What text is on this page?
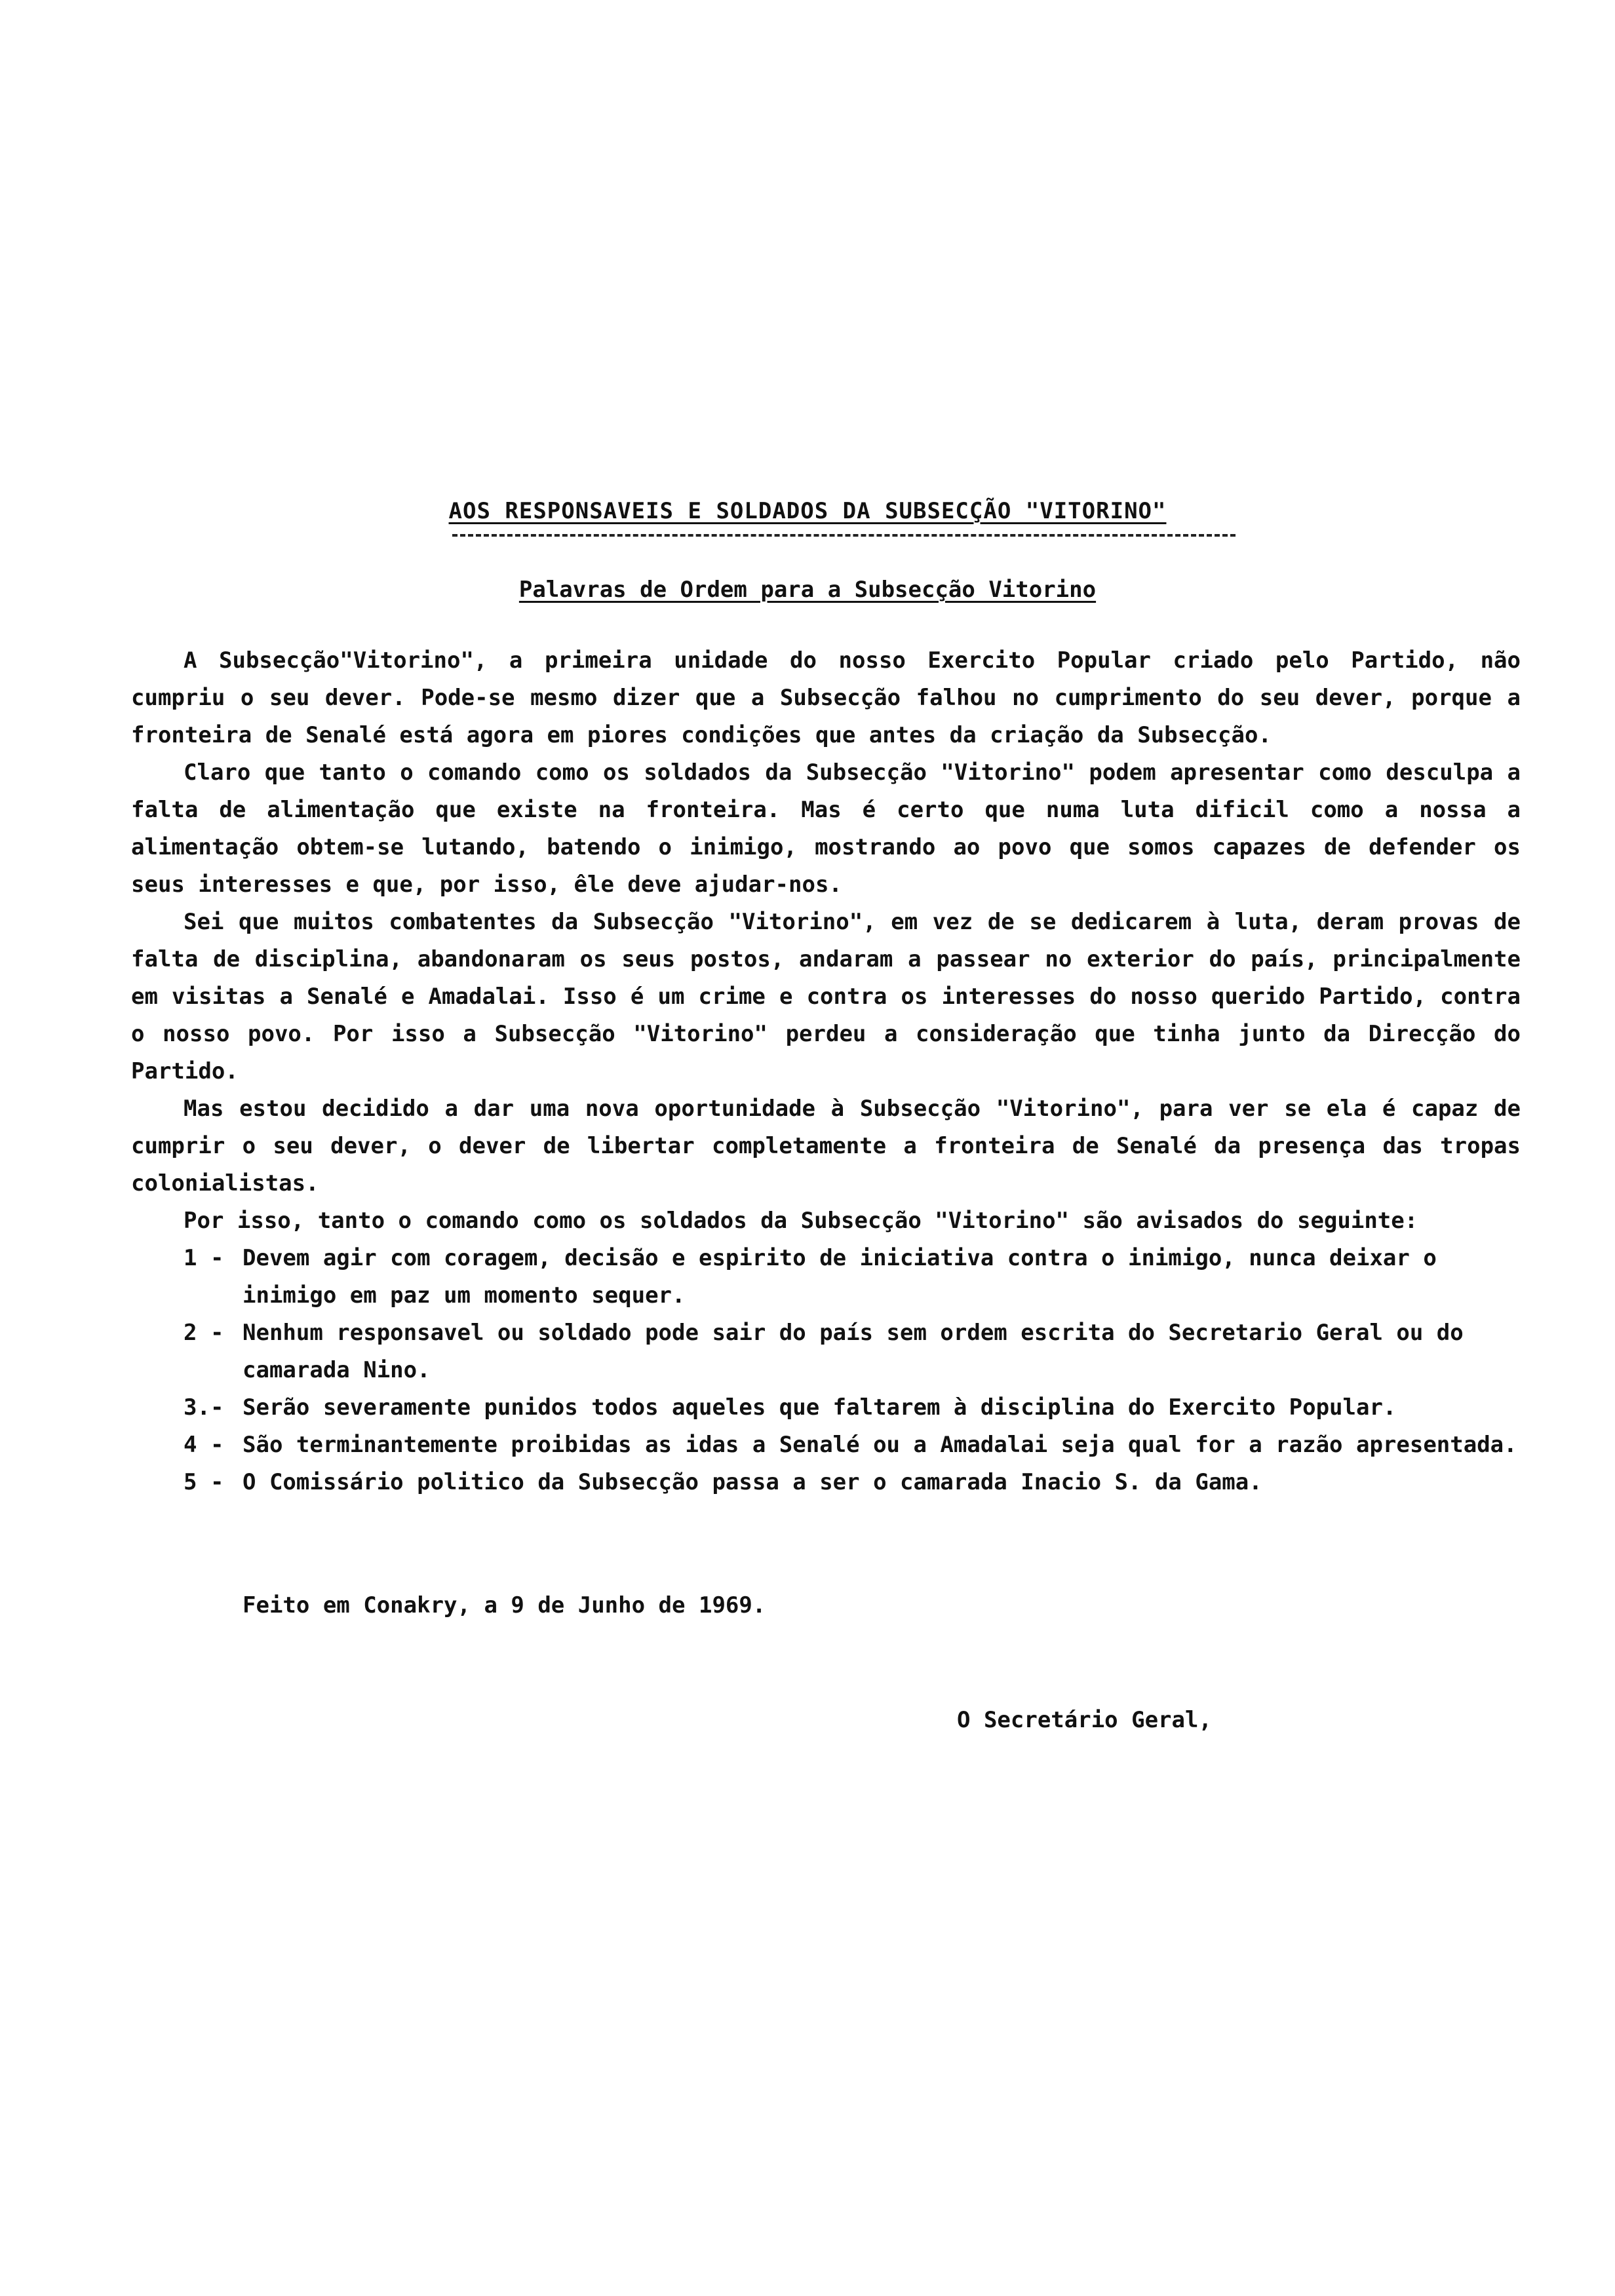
AOS RESPONSAVEIS E SOLDADOS DA SUBSECÇÃO "VITORINO"
Palavras de Ordem para a Subsecção Vitorino

A Subsecção"Vitorino", a primeira unidade do nosso Exercito Popular criado pelo Partido, não cumpriu o seu dever. Pode-se mesmo dizer que a Subsecção falhou no cumprimento do seu dever, porque a fronteira de Senalé está agora em piores condições que antes da criação da Subsecção.

Claro que tanto o comando como os soldados da Subsecção "Vitorino" podem apresentar como desculpa a falta de alimentação que existe na fronteira. Mas é certo que numa luta dificil como a nossa a alimentação obtem-se lutando, batendo o inimigo, mostrando ao povo que somos capazes de defender os seus interesses e que, por isso, êle deve ajudar-nos.

Sei que muitos combatentes da Subsecção "Vitorino", em vez de se dedicarem à luta, deram provas de falta de disciplina, abandonaram os seus postos, andaram a passear no exterior do país, principalmente em visitas a Senalé e Amadalai. Isso é um crime e contra os interesses do nosso querido Partido, contra o nosso povo. Por isso a Subsecção "Vitorino" perdeu a consideração que tinha junto da Direcção do Partido.

Mas estou decidido a dar uma nova oportunidade à Subsecção "Vitorino", para ver se ela é capaz de cumprir o seu dever, o dever de libertar completamente a fronteira de Senalé da presença das tropas colonialistas.

Por isso, tanto o comando como os soldados da Subsecção "Vitorino" são avisados do seguinte:

1 - Devem agir com coragem, decisão e espirito de iniciativa contra o inimigo, nunca deixar o inimigo em paz um momento sequer.
2 - Nenhum responsavel ou soldado pode sair do país sem ordem escrita do Secretario Geral ou do camarada Nino.
3.- Serão severamente punidos todos aqueles que faltarem à disciplina do Exercito Popular.
4 - São terminantemente proibidas as idas a Senalé ou a Amadalai seja qual for a razão apresentada.
5 - O Comissário politico da Subsecção passa a ser o camarada Inacio S. da Gama.
Feito em Conakry, a 9 de Junho de 1969.
O Secretário Geral,
